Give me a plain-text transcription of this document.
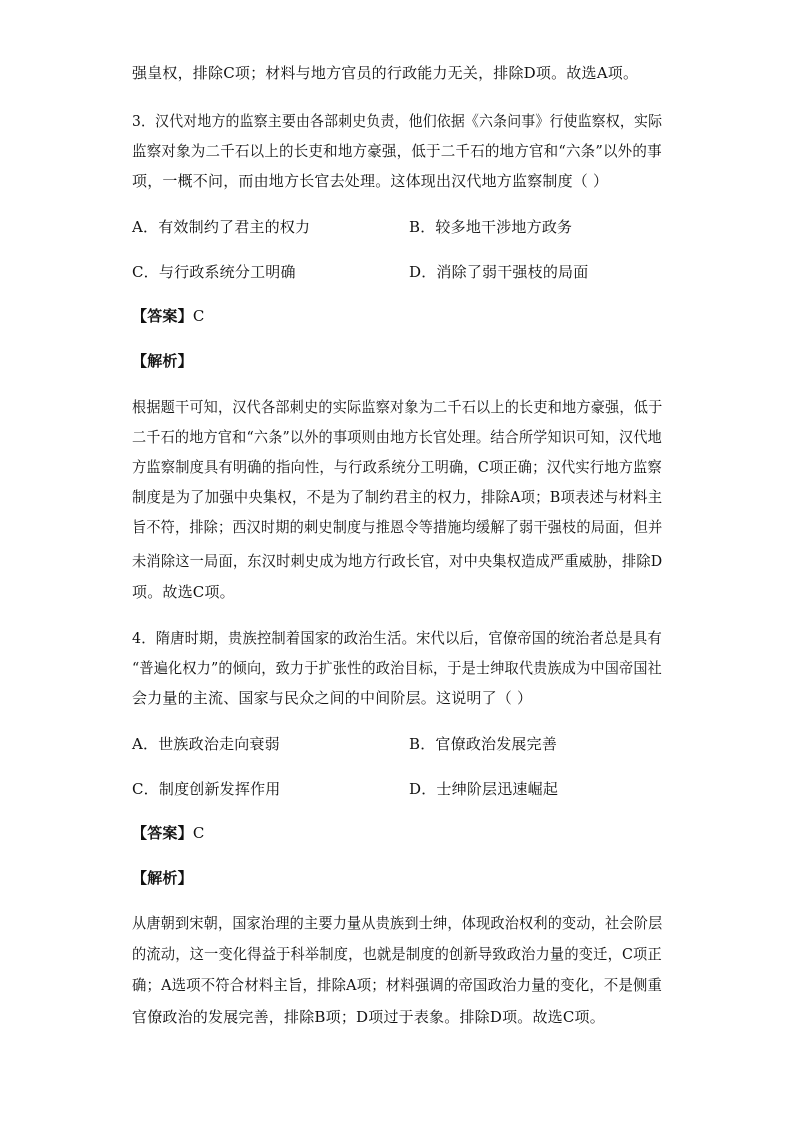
强皇权，排除C项；材料与地方官员的行政能力无关，排除D项。故选A项。
3．汉代对地方的监察主要由各部刺史负责，他们依据《六条问事》行使监察权，实际
监察对象为二千石以上的长吏和地方豪强，低于二千石的地方官和“六条”以外的事
项，一概不问，而由地方长官去处理。这体现出汉代地方监察制度（ ）
A．有效制约了君主的权力	B．较多地干涉地方政务
C．与行政系统分工明确	D．消除了弱干强枝的局面
【答案】C
【解析】
根据题干可知，汉代各部刺史的实际监察对象为二千石以上的长吏和地方豪强，低于
二千石的地方官和“六条”以外的事项则由地方长官处理。结合所学知识可知，汉代地
方监察制度具有明确的指向性，与行政系统分工明确，C项正确；汉代实行地方监察
制度是为了加强中央集权，不是为了制约君主的权力，排除A项；B项表述与材料主
旨不符，排除；西汉时期的刺史制度与推恩令等措施均缓解了弱干强枝的局面，但并
未消除这一局面，东汉时刺史成为地方行政长官，对中央集权造成严重威胁，排除D
项。故选C项。
4．隋唐时期，贵族控制着国家的政治生活。宋代以后，官僚帝国的统治者总是具有
“普遍化权力”的倾向，致力于扩张性的政治目标，于是士绅取代贵族成为中国帝国社
会力量的主流、国家与民众之间的中间阶层。这说明了（ ）
A．世族政治走向衰弱	B．官僚政治发展完善
C．制度创新发挥作用	D．士绅阶层迅速崛起
【答案】C
【解析】
从唐朝到宋朝，国家治理的主要力量从贵族到士绅，体现政治权利的变动，社会阶层
的流动，这一变化得益于科举制度，也就是制度的创新导致政治力量的变迁，C项正
确；A选项不符合材料主旨，排除A项；材料强调的帝国政治力量的变化，不是侧重
官僚政治的发展完善，排除B项；D项过于表象。排除D项。故选C项。
